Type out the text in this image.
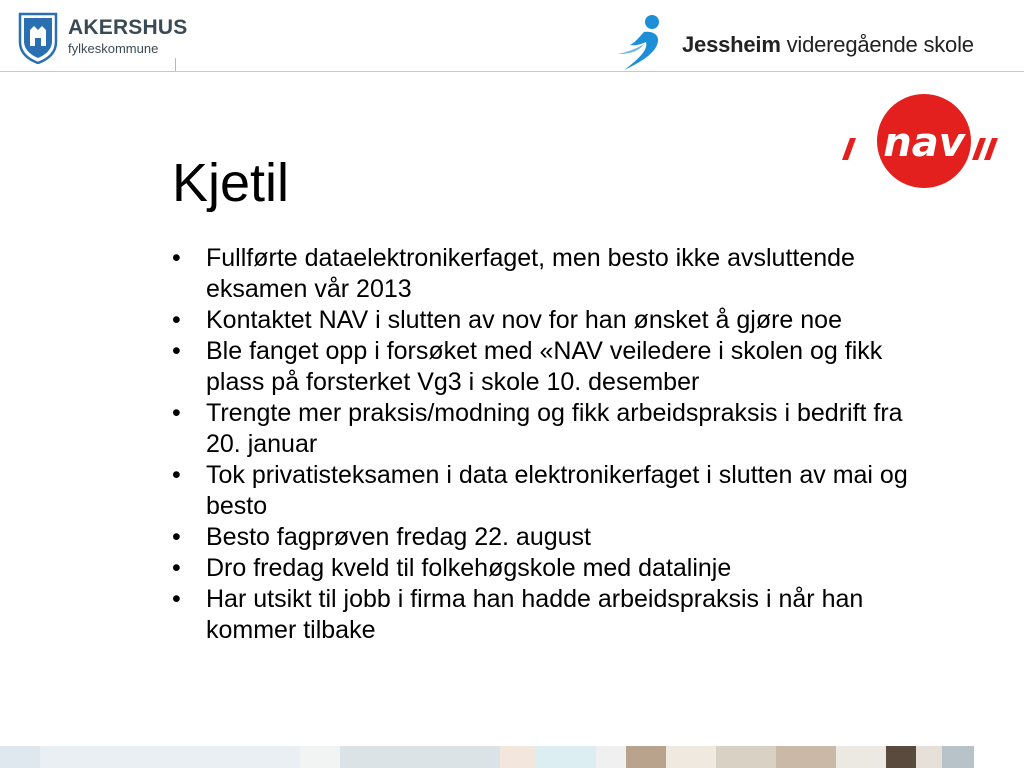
AKERSHUS
fylkeskommune	Jessheim videregående skole
nav
Kjetil
• Fullførte dataelektronikerfaget, men besto ikke avsluttende eksamen vår 2013
• Kontaktet NAV i slutten av nov for han ønsket å gjøre noe
• Ble fanget opp i forsøket med «NAV veiledere i skolen og fikk plass på forsterket Vg3 i skole 10. desember
• Trengte mer praksis/modning og fikk arbeidspraksis i bedrift fra 20. januar
• Tok privatisteksamen i data elektronikerfaget i slutten av mai og besto
• Besto fagprøven fredag 22. august
• Dro fredag kveld til folkehøgskole med datalinje
• Har utsikt til jobb i firma han hadde arbeidspraksis i når han kommer tilbake
